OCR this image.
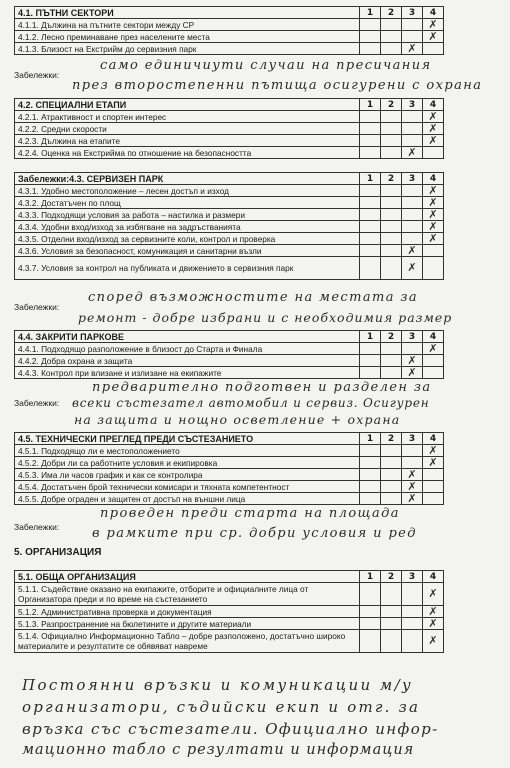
4.1. ПЪТНИ СЕКТОРИ	1	2	3	4
4.1.1. Дължина на пътните сектори между СР				✗
4.1.2. Лесно преминаване през населените места				✗
4.1.3. Близост на Екстрийм до сервизния парк			✗	
Забележки:
само единичиути случаи на пресичания
през второстепенни пътища осигурени с охрана
4.2. СПЕЦИАЛНИ ЕТАПИ	1	2	3	4
4.2.1. Атрактивност и спортен интерес				✗
4.2.2. Средни скорости				✗
4.2.3. Дължина на етапите				✗
4.2.4. Оценка на Екстрийма по отношение на безопасността			✗	
Забележки:4.3. СЕРВИЗЕН ПАРК	1	2	3	4
4.3.1. Удобно местоположение – лесен достъп и изход				✗
4.3.2. Достатъчен по площ				✗
4.3.3. Подходящи условия за работа – настилка и размери				✗
4.3.4. Удобни вход/изход за избягване на задръстванията				✗
4.3.5. Отделни вход/изход за сервизните коли, контрол и проверка				✗
4.3.6. Условия за безопасност, комуникация и санитарни възли			✗	
4.3.7. Условия за контрол на публиката и движението в сервизния парк			✗	
Забележки:
според възможностите на местата за
ремонт - добре избрани и с необходимия размер
4.4. ЗАКРИТИ ПАРКОВЕ	1	2	3	4
4.4.1. Подходящо разположение в близост до Старта и Финала				✗
4.4.2. Добра охрана и защита			✗	
4.4.3. Контрол при влизане и излизане на екипажите			✗	
Забележки:
предварително подготвен и разделен за
всеки състезател автомобил и сервиз. Осигурен
на защита и нощно осветление + охрана
4.5. ТЕХНИЧЕСКИ ПРЕГЛЕД ПРЕДИ СЪСТЕЗАНИЕТО	1	2	3	4
4.5.1. Подходящо ли е местоположението				✗
4.5.2. Добри ли са работните условия и екипировка				✗
4.5.3. Има ли часов график и как се контролира			✗	
4.5.4. Достатъчен брой технически комисари и тяхната компетентност			✗	
4.5.5. Добре ограден и защитен от достъп на външни лица			✗	
Забележки:
проведен преди старта на площада
в рамките при ср. добри условия и ред
5. ОРГАНИЗАЦИЯ
5.1. ОБЩА ОРГАНИЗАЦИЯ	1	2	3	4
5.1.1. Съдействие оказано на екипажите, отборите и официалните лица от Организатора преди и по време на състезанието				✗
5.1.2. Административна проверка и документация				✗
5.1.3. Разпространение на бюлетините и другите материали				✗
5.1.4. Официално Информационно Табло – добре разположено, достатъчно широко материалите и резултатите се обявяват навреме				✗
Постоянни връзки и комуникации м/у
организатори, съдийски екип и отг. за
връзка със състезатели. Официално инфор-
мационно табло с резултати и информация
